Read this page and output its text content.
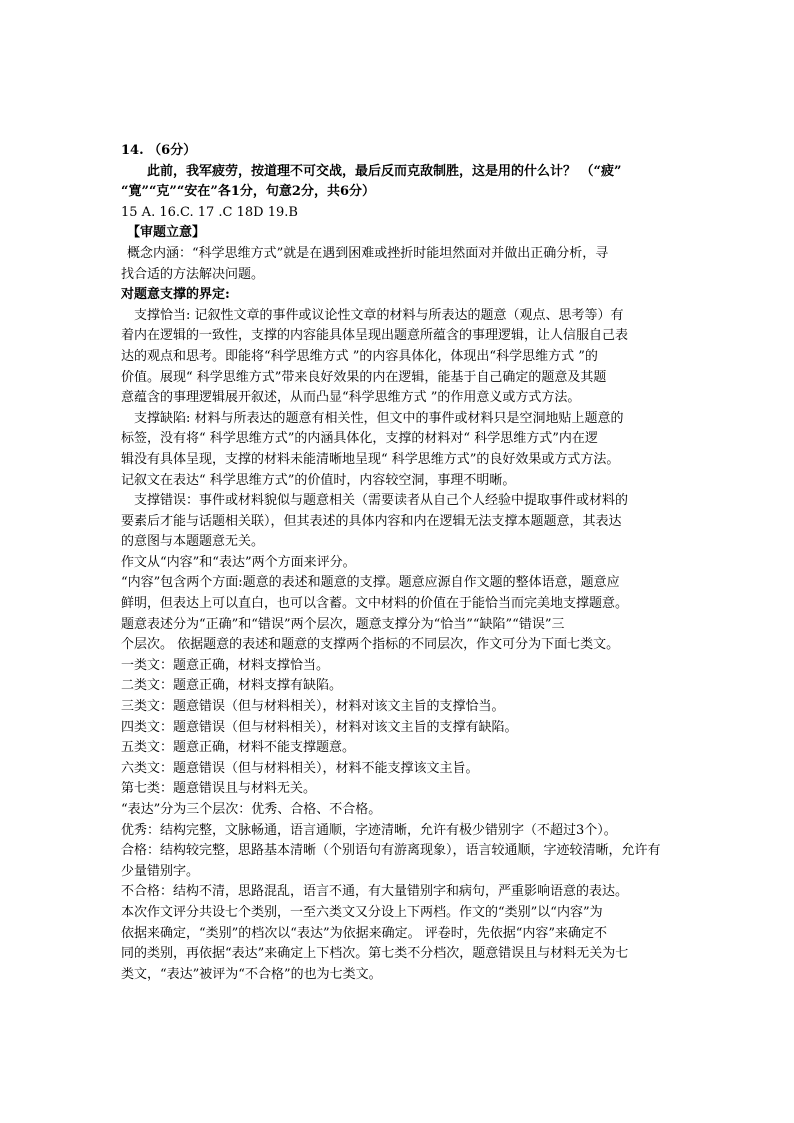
14. （6分）
此前，我军疲劳，按道理不可交战，最后反而克敌制胜，这是用的什么计？ （“疲”
“寛”“克”“安在”各1分，句意2分，共6分）
15 A. 16.C. 17 .C 18D 19.B
【审题立意】
概念内涵：“科学思维方式”就是在遇到困难或挫折时能坦然面对并做出正确分析，寻
找合适的方法解决问题。
对题意支撑的界定:
支撑恰当: 记叙性文章的事件或议论性文章的材料与所表达的题意（观点、思考等）有
着内在逻辑的一致性，支撑的内容能具体呈现出题意所蕴含的事理逻辑，让人信服自己表
达的观点和思考。即能将“科学思维方式 ”的内容具体化，体现出“科学思维方式 ”的
价值。展现“ 科学思维方式”带来良好效果的内在逻辑，能基于自己确定的题意及其题
意蕴含的事理逻辑展开叙述，从而凸显“科学思维方式 ”的作用意义或方式方法。
支撑缺陷: 材料与所表达的题意有相关性，但文中的事件或材料只是空洞地贴上题意的
标签，没有将“ 科学思维方式”的内涵具体化，支撑的材料对“ 科学思维方式”内在逻
辑没有具体呈现，支撑的材料未能清晰地呈现“ 科学思维方式”的良好效果或方式方法。
记叙文在表达“ 科学思维方式”的价值时，内容较空洞，事理不明晰。
支撑错误：事件或材料貌似与题意相关（需要读者从自己个人经验中提取事件或材料的
要素后才能与话题相关联），但其表述的具体内容和内在逻辑无法支撑本题题意，其表达
的意图与本题题意无关。
作文从“内容”和“表达”两个方面来评分。
“内容”包含两个方面:题意的表述和题意的支撑。题意应源自作文题的整体语意，题意应
鲜明，但表达上可以直白，也可以含蓄。文中材料的价值在于能恰当而完美地支撑题意。
题意表述分为“正确”和“错误”两个层次，题意支撑分为“恰当”“缺陷”“错误”三
个层次。 依据题意的表述和题意的支撑两个指标的不同层次，作文可分为下面七类文。
一类文：题意正确，材料支撑恰当。
二类文：题意正确，材料支撑有缺陷。
三类文：题意错误（但与材料相关），材料对该文主旨的支撑恰当。
四类文：题意错误（但与材料相关），材料对该文主旨的支撑有缺陷。
五类文：题意正确，材料不能支撑题意。
六类文：题意错误（但与材料相关），材料不能支撑该文主旨。
第七类：题意错误且与材料无关。
“表达”分为三个层次：优秀、合格、不合格。
优秀：结构完整，文脉畅通，语言通顺，字迹清晰，允许有极少错别字（不超过3个）。
合格：结构较完整，思路基本清晰（个别语句有游离现象），语言较通顺，字迹较清晰，允许有
少量错别字。
不合格：结构不清，思路混乱，语言不通，有大量错别字和病句，严重影响语意的表达。
本次作文评分共设七个类别，一至六类文又分设上下两档。作文的“类别”以“内容”为
依据来确定，“类别”的档次以“表达”为依据来确定。 评卷时，先依据“内容”来确定不
同的类别，再依据“表达”来确定上下档次。第七类不分档次，题意错误且与材料无关为七
类文，“表达”被评为“不合格”的也为七类文。
